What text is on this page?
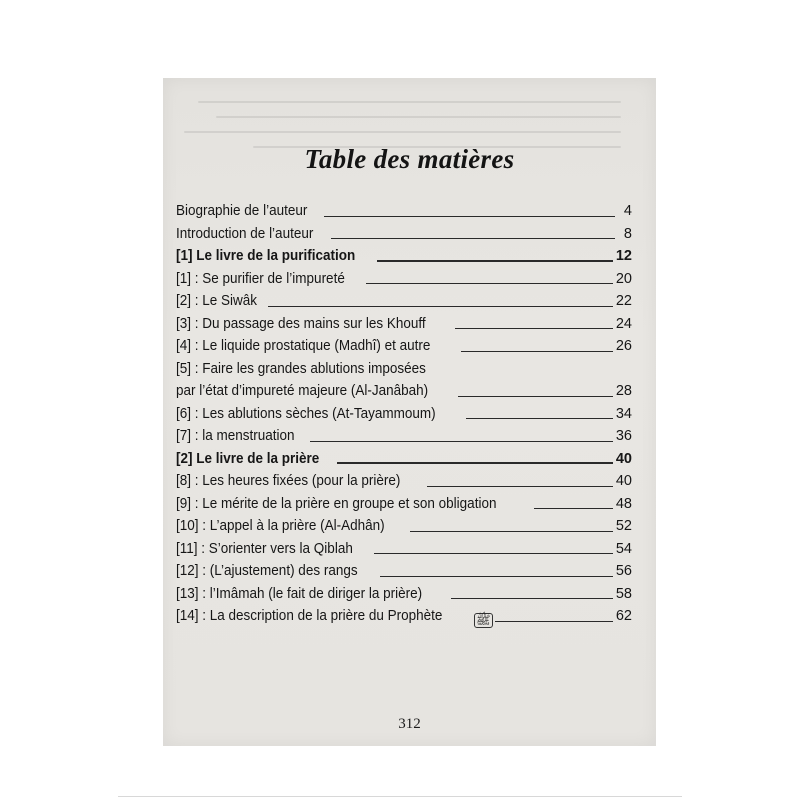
Table des matières
Biographie de l’auteur	4
Introduction de l’auteur	8
[1] Le livre de la purification	12
[1] : Se purifier de l’impureté	20
[2] : Le Siwâk	22
[3] : Du passage des mains sur les Khouff	24
[4] : Le liquide prostatique (Madhî) et autre	26
[5] : Faire les grandes ablutions imposées
par l’état d’impureté majeure (Al-Janâbah)	28
[6] : Les ablutions sèches (At-Tayammoum)	34
[7] : la menstruation	36
[2] Le livre de la prière	40
[8] : Les heures fixées (pour la prière)	40
[9] : Le mérite de la prière en groupe et son obligation	48
[10] : L’appel à la prière (Al-Adhân)	52
[11] : S’orienter vers la Qiblah	54
[12] : (L’ajustement) des rangs	56
[13] : l’Imâmah (le fait de diriger la prière)	58
[14] : La description de la prière du Prophète	ﷺ	62
312
